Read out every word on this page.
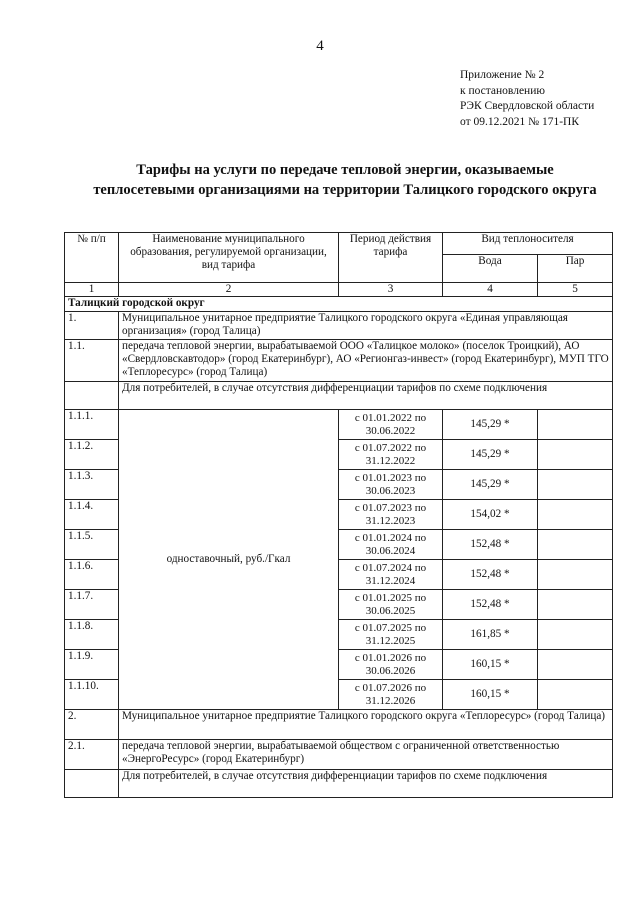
4
Приложение № 2
к постановлению
РЭК Свердловской области
от 09.12.2021 № 171-ПК
Тарифы на услуги по передаче тепловой энергии, оказываемые
теплосетевыми организациями на территории Талицкого городского округа
№ п/п	Наименование муниципального образования, регулируемой организации, вид тарифа	Период действия тарифа	Вид теплоносителя	
			Вода	Пар
1	2	3	4	5
Талицкий городской округ				
1.	Муниципальное унитарное предприятие Талицкого городского округа «Единая управляющая организация» (город Талица)			
1.1.	передача тепловой энергии, вырабатываемой ООО «Талицкое молоко» (поселок Троицкий), АО «Свердловскавтодор» (город Екатеринбург), АО «Регионгаз-инвест» (город Екатеринбург), МУП ТГО «Теплоресурс» (город Талица)			
	Для потребителей, в случае отсутствия дифференциации тарифов по схеме подключения			
1.1.1.	одноставочный, руб./Гкал	с 01.01.2022 по 30.06.2022	145,29 *	
1.1.2.		с 01.07.2022 по 31.12.2022	145,29 *	
1.1.3.		с 01.01.2023 по 30.06.2023	145,29 *	
1.1.4.		с 01.07.2023 по 31.12.2023	154,02 *	
1.1.5.		с 01.01.2024 по 30.06.2024	152,48 *	
1.1.6.		с 01.07.2024 по 31.12.2024	152,48 *	
1.1.7.		с 01.01.2025 по 30.06.2025	152,48 *	
1.1.8.		с 01.07.2025 по 31.12.2025	161,85 *	
1.1.9.		с 01.01.2026 по 30.06.2026	160,15 *	
1.1.10.		с 01.07.2026 по 31.12.2026	160,15 *	
2.	Муниципальное унитарное предприятие Талицкого городского округа «Теплоресурс» (город Талица)			
2.1.	передача тепловой энергии, вырабатываемой обществом с ограниченной ответственностью «ЭнергоРесурс» (город Екатеринбург)			
	Для потребителей, в случае отсутствия дифференциации тарифов по схеме подключения			
